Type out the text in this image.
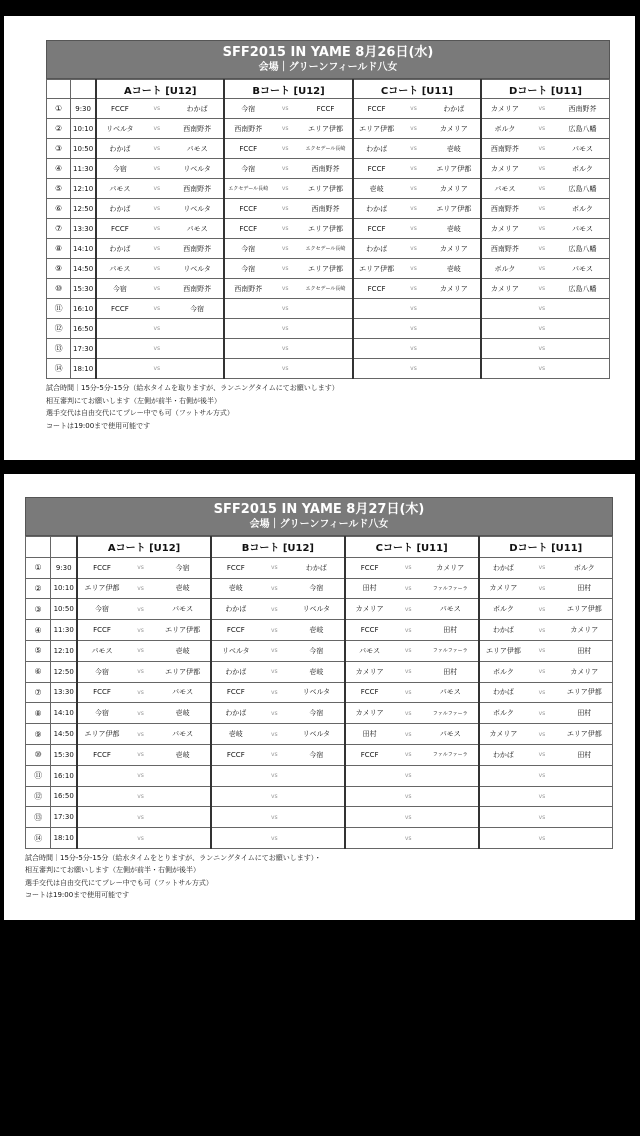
SFF2015 IN YAME 8月26日(水)
会場｜グリーンフィールド八女
		Aコート [U12]			Bコート [U12]			Cコート [U11]			Dコート [U11]		
①	9:30	FCCF	vs	わかば	今宿	vs	FCCF	FCCF	vs	わかば	カメリア	vs	西南野芥
②	10:10	リベルタ	vs	西南野芥	西南野芥	vs	エリア伊都	エリア伊都	vs	カメリア	ボルク	vs	広島八幡
③	10:50	わかば	vs	パモス	FCCF	vs	エクセデール長崎	わかば	vs	壱岐	西南野芥	vs	パモス
④	11:30	今宿	vs	リベルタ	今宿	vs	西南野芥	FCCF	vs	エリア伊都	カメリア	vs	ボルク
⑤	12:10	パモス	vs	西南野芥	エクセデール長崎	vs	エリア伊都	壱岐	vs	カメリア	パモス	vs	広島八幡
⑥	12:50	わかば	vs	リベルタ	FCCF	vs	西南野芥	わかば	vs	エリア伊都	西南野芥	vs	ボルク
⑦	13:30	FCCF	vs	パモス	FCCF	vs	エリア伊都	FCCF	vs	壱岐	カメリア	vs	パモス
⑧	14:10	わかば	vs	西南野芥	今宿	vs	エクセデール長崎	わかば	vs	カメリア	西南野芥	vs	広島八幡
⑨	14:50	パモス	vs	リベルタ	今宿	vs	エリア伊都	エリア伊都	vs	壱岐	ボルク	vs	パモス
⑩	15:30	今宿	vs	西南野芥	西南野芥	vs	エクセデール長崎	FCCF	vs	カメリア	カメリア	vs	広島八幡
⑪	16:10	FCCF	vs	今宿		vs			vs			vs	
⑫	16:50		vs			vs			vs			vs	
⑬	17:30		vs			vs			vs			vs	
⑭	18:10		vs			vs			vs			vs	
試合時間｜15分-5分-15分（給水タイムを取りますが、ランニングタイムにてお願いします）
相互審判にてお願いします（左側が前半・右側が後半）
選手交代は自由交代にてプレー中でも可（フットサル方式）
コートは19:00まで使用可能です
SFF2015 IN YAME 8月27日(木)
会場｜グリーンフィールド八女
		Aコート [U12]			Bコート [U12]			Cコート [U11]			Dコート [U11]		
①	9:30	FCCF	vs	今宿	FCCF	vs	わかば	FCCF	vs	カメリア	わかば	vs	ボルク
②	10:10	エリア伊都	vs	壱岐	壱岐	vs	今宿	田村	vs	ファルファーラ	カメリア	vs	田村
③	10:50	今宿	vs	パモス	わかば	vs	リベルタ	カメリア	vs	パモス	ボルク	vs	エリア伊都
④	11:30	FCCF	vs	エリア伊都	FCCF	vs	壱岐	FCCF	vs	田村	わかば	vs	カメリア
⑤	12:10	パモス	vs	壱岐	リベルタ	vs	今宿	パモス	vs	ファルファーラ	エリア伊都	vs	田村
⑥	12:50	今宿	vs	エリア伊都	わかば	vs	壱岐	カメリア	vs	田村	ボルク	vs	カメリア
⑦	13:30	FCCF	vs	パモス	FCCF	vs	リベルタ	FCCF	vs	パモス	わかば	vs	エリア伊都
⑧	14:10	今宿	vs	壱岐	わかば	vs	今宿	カメリア	vs	ファルファーラ	ボルク	vs	田村
⑨	14:50	エリア伊都	vs	パモス	壱岐	vs	リベルタ	田村	vs	パモス	カメリア	vs	エリア伊都
⑩	15:30	FCCF	vs	壱岐	FCCF	vs	今宿	FCCF	vs	ファルファーラ	わかば	vs	田村
⑪	16:10		vs			vs			vs			vs	
⑫	16:50		vs			vs			vs			vs	
⑬	17:30		vs			vs			vs			vs	
⑭	18:10		vs			vs			vs			vs	
試合時間｜15分-5分-15分（給水タイムをとりますが、ランニングタイムにてお願いします）・
相互審判にてお願いします（左側が前半・右側が後半）
選手交代は自由交代にてプレー中でも可（フットサル方式）
コートは19:00まで使用可能です
